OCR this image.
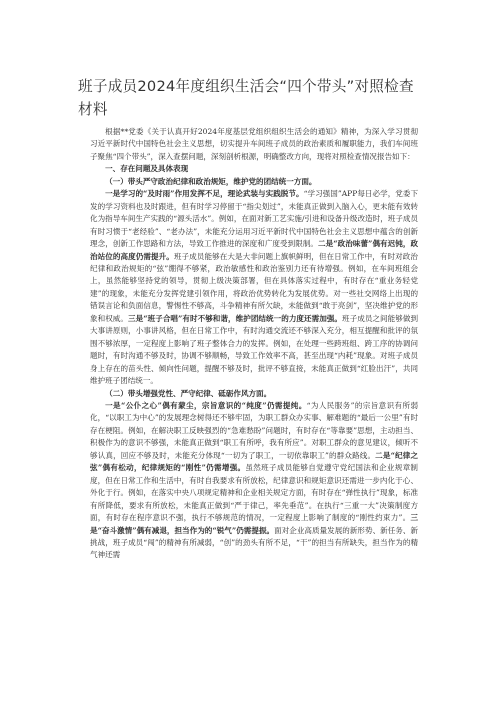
班子成员2024年度组织生活会“四个带头”对照检查材料

根据**党委《关于认真开好2024年度基层党组织组织生活会的通知》精神，为深入学习贯彻习近平新时代中国特色社会主义思想，切实提升车间班子成员的政治素质和履职能力，我们车间班子聚焦“四个带头”，深入查摆问题，深刻剖析根源，明确整改方向，现将对照检查情况报告如下：

一、存在问题及具体表现

（一）带头严守政治纪律和政治规矩，维护党的团结统一方面。

一是学习的“及时雨”作用发挥不足，理论武装与实践脱节。“学习强国”APP每日必学，党委下发的学习资料也及时跟进，但有时学习停留于“指尖划过”，未能真正做到入脑入心，更未能有效转化为指导车间生产实践的“源头活水”。例如，在面对新工艺实施/引进和设备升级改造时，班子成员有时习惯于“老经验”、“老办法”，未能充分运用习近平新时代中国特色社会主义思想中蕴含的创新理念，创新工作思路和方法，导致工作推进的深度和广度受到限制。二是“政治味蕾”偶有迟钝，政治站位的高度仍需提升。班子成员能够在大是大非问题上旗帜鲜明，但在日常工作中，有时对政治纪律和政治规矩的“弦”绷得不够紧，政治敏感性和政治鉴别力还有待增强。例如，在车间班组会上，虽然能够坚持党的领导，贯彻上级决策部署，但在具体落实过程中，有时存在“重业务轻党建”的现象，未能充分发挥党建引领作用，将政治优势转化为发展优势。对一些社交网络上出现的错误言论和负面信息，警惕性不够高，斗争精神有所欠缺，未能做到“敢于亮剑”，坚决维护党的形象和权威。三是“班子合唱”有时不够和谐，维护团结统一的力度还需加强。班子成员之间能够做到大事讲原则，小事讲风格，但在日常工作中，有时沟通交流还不够深入充分，相互提醒和批评的氛围不够浓厚，一定程度上影响了班子整体合力的发挥。例如，在处理一些跨班组、跨工序的协调问题时，有时沟通不够及时，协调不够顺畅，导致工作效率不高，甚至出现“内耗”现象。对班子成员身上存在的苗头性、倾向性问题，提醒不够及时，批评不够直接，未能真正做到“红脸出汗”，共同维护班子团结统一。

（二）带头增强党性、严守纪律、砥砺作风方面。

一是“公仆之心”偶有蒙尘，宗旨意识的“纯度”仍需提纯。“为人民服务”的宗旨意识有所弱化，“以职工为中心”的发展理念树得还不够牢固，为职工群众办实事、解难题的“最后一公里”有时存在梗阻。例如，在解决职工反映强烈的“急难愁盼”问题时，有时存在“等靠要”思想，主动担当、积极作为的意识不够强，未能真正做到“职工有所呼，我有所应”。对职工群众的意见建议，倾听不够认真，回应不够及时，未能充分体现“一切为了职工，一切依靠职工”的群众路线。二是“纪律之弦”偶有松动，纪律规矩的“刚性”仍需增强。虽然班子成员能够自觉遵守党纪国法和企业规章制度，但在日常工作和生活中，有时自我要求有所放松，纪律意识和规矩意识还需进一步内化于心、外化于行。例如，在落实中央八项规定精神和企业相关规定方面，有时存在“弹性执行”现象，标准有所降低，要求有所放松，未能真正做到“严于律己，率先垂范”。在执行“三重一大”决策制度方面，有时存在程序意识不强，执行不够规范的情况，一定程度上影响了制度的“刚性约束力”。三是“奋斗激情”偶有减退，担当作为的“锐气”仍需提振。面对企业高质量发展的新形势、新任务、新挑战，班子成员“闯”的精神有所减弱，“创”的劲头有所不足，“干”的担当有所缺失，担当作为的精气神还需
